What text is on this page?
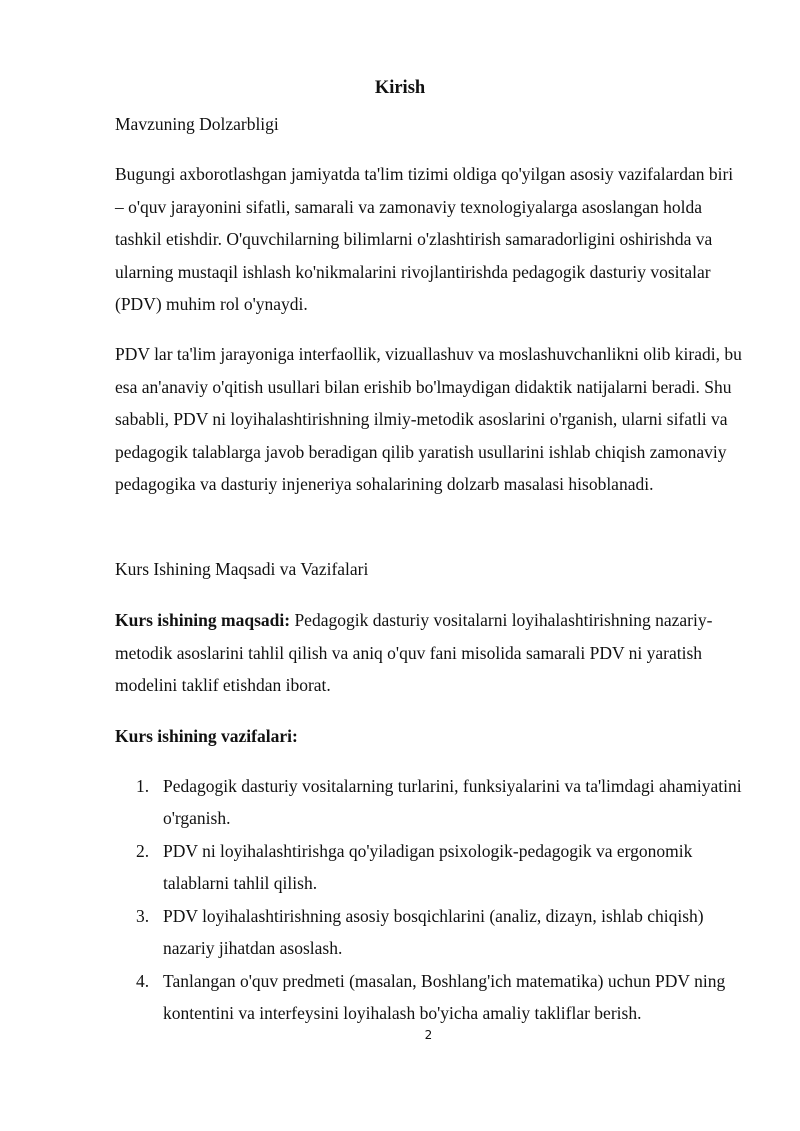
Kirish

Mavzuning Dolzarbligi

Bugungi axborotlashgan jamiyatda ta'lim tizimi oldiga qo'yilgan asosiy vazifalardan biri – o'quv jarayonini sifatli, samarali va zamonaviy texnologiyalarga asoslangan holda tashkil etishdir. O'quvchilarning bilimlarni o'zlashtirish samaradorligini oshirishda va ularning mustaqil ishlash ko'nikmalarini rivojlantirishda pedagogik dasturiy vositalar (PDV) muhim rol o'ynaydi.

PDV lar ta'lim jarayoniga interfaollik, vizuallashuv va moslashuvchanlikni olib kiradi, bu esa an'anaviy o'qitish usullari bilan erishib bo'lmaydigan didaktik natijalarni beradi. Shu sababli, PDV ni loyihalashtirishning ilmiy-metodik asoslarini o'rganish, ularni sifatli va pedagogik talablarga javob beradigan qilib yaratish usullarini ishlab chiqish zamonaviy pedagogika va dasturiy injeneriya sohalarining dolzarb masalasi hisoblanadi.

Kurs Ishining Maqsadi va Vazifalari

Kurs ishining maqsadi: Pedagogik dasturiy vositalarni loyihalashtirishning nazariy-metodik asoslarini tahlil qilish va aniq o'quv fani misolida samarali PDV ni yaratish modelini taklif etishdan iborat.

Kurs ishining vazifalari:

1. Pedagogik dasturiy vositalarning turlarini, funksiyalarini va ta'limdagi ahamiyatini o'rganish.
2. PDV ni loyihalashtirishga qo'yiladigan psixologik-pedagogik va ergonomik talablarni tahlil qilish.
3. PDV loyihalashtirishning asosiy bosqichlarini (analiz, dizayn, ishlab chiqish) nazariy jihatdan asoslash.
4. Tanlangan o'quv predmeti (masalan, Boshlang'ich matematika) uchun PDV ning kontentini va interfeysini loyihalash bo'yicha amaliy takliflar berish.
2
